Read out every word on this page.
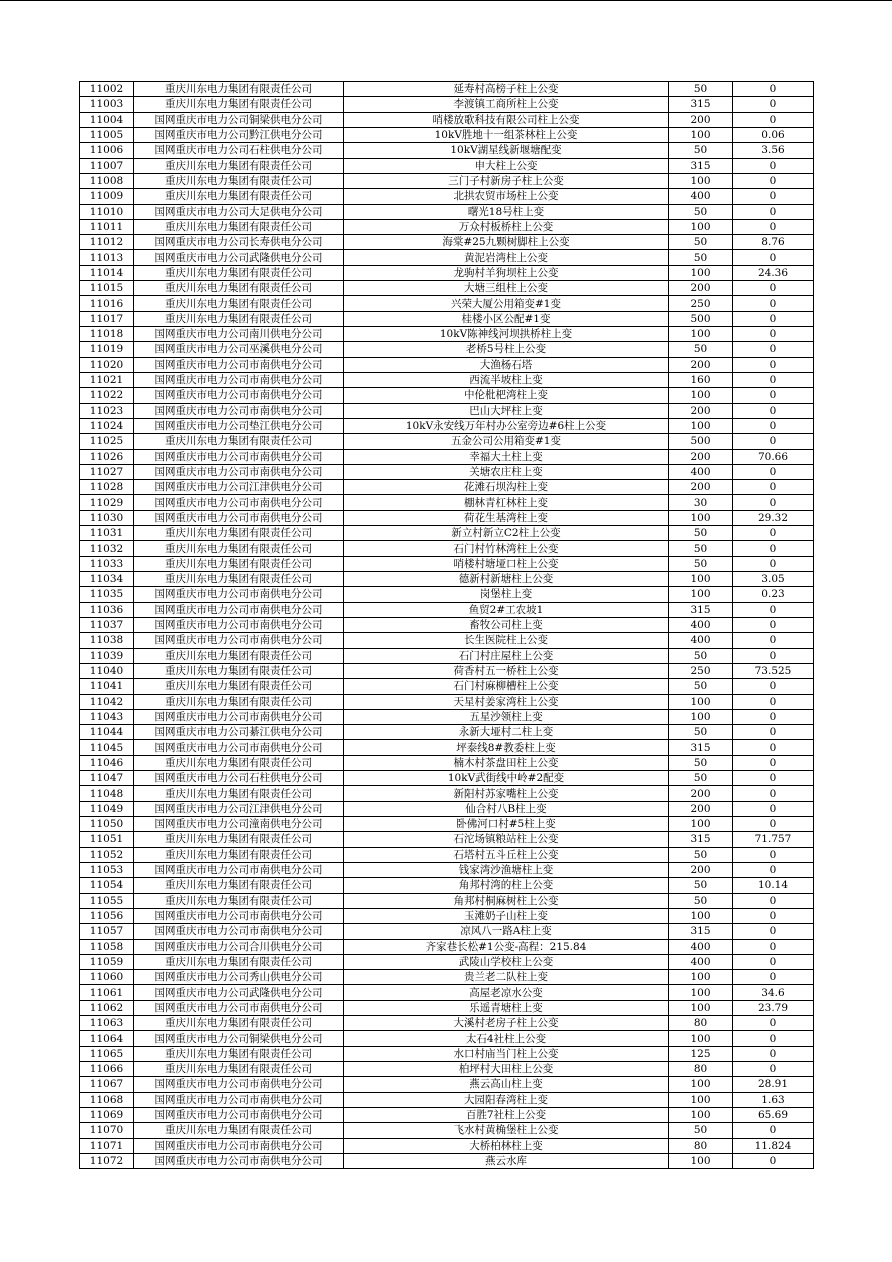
11002	重庆川东电力集团有限责任公司	延寿村高榜子柱上公变	50	0
11003	重庆川东电力集团有限责任公司	李渡镇工商所柱上公变	315	0
11004	国网重庆市电力公司铜梁供电分公司	哨楼放歌科技有限公司柱上公变	200	0
11005	国网重庆市电力公司黔江供电分公司	10kV胜地十一组茶林柱上公变	100	0.06
11006	国网重庆市电力公司石柱供电分公司	10kV湖星线新堰塘配变	50	3.56
11007	重庆川东电力集团有限责任公司	申大柱上公变	315	0
11008	重庆川东电力集团有限责任公司	三门子村新房子柱上公变	100	0
11009	重庆川东电力集团有限责任公司	北拱农贸市场柱上公变	400	0
11010	国网重庆市电力公司大足供电分公司	曙光18号柱上变	50	0
11011	重庆川东电力集团有限责任公司	万众村板桥柱上公变	100	0
11012	国网重庆市电力公司长寿供电分公司	海棠#25九颗树脚柱上公变	50	8.76
11013	国网重庆市电力公司武隆供电分公司	黄泥岩湾柱上公变	50	0
11014	重庆川东电力集团有限责任公司	龙驹村羊狗坝柱上公变	100	24.36
11015	重庆川东电力集团有限责任公司	大塘三组柱上公变	200	0
11016	重庆川东电力集团有限责任公司	兴荣大厦公用箱变#1变	250	0
11017	重庆川东电力集团有限责任公司	桂楼小区公配#1变	500	0
11018	国网重庆市电力公司南川供电分公司	10kV陈神线河坝拱桥柱上变	100	0
11019	国网重庆市电力公司巫溪供电分公司	老桥5号柱上公变	50	0
11020	国网重庆市电力公司市南供电分公司	大渔杨石塔	200	0
11021	国网重庆市电力公司市南供电分公司	西流半坡柱上变	160	0
11022	国网重庆市电力公司市南供电分公司	中伦枇杷湾柱上变	100	0
11023	国网重庆市电力公司市南供电分公司	巴山大坪柱上变	200	0
11024	国网重庆市电力公司垫江供电分公司	10kV永安线万年村办公室旁边#6柱上公变	100	0
11025	重庆川东电力集团有限责任公司	五金公司公用箱变#1变	500	0
11026	国网重庆市电力公司市南供电分公司	幸福大土柱上变	200	70.66
11027	国网重庆市电力公司市南供电分公司	关塘农庄柱上变	400	0
11028	国网重庆市电力公司江津供电分公司	花滩石坝沟柱上变	200	0
11029	国网重庆市电力公司市南供电分公司	棚林青杠林柱上变	30	0
11030	国网重庆市电力公司市南供电分公司	荷花生基湾柱上变	100	29.32
11031	重庆川东电力集团有限责任公司	新立村新立C2柱上公变	50	0
11032	重庆川东电力集团有限责任公司	石门村竹林湾柱上公变	50	0
11033	重庆川东电力集团有限责任公司	哨楼村塘垭口柱上公变	50	0
11034	重庆川东电力集团有限责任公司	德新村新塘柱上公变	100	3.05
11035	国网重庆市电力公司市南供电分公司	岗堡柱上变	100	0.23
11036	国网重庆市电力公司市南供电分公司	鱼贸2#工农坡1	315	0
11037	国网重庆市电力公司市南供电分公司	畜牧公司柱上变	400	0
11038	国网重庆市电力公司市南供电分公司	长生医院柱上公变	400	0
11039	重庆川东电力集团有限责任公司	石门村庄屋柱上公变	50	0
11040	重庆川东电力集团有限责任公司	荷香村五一桥柱上公变	250	73.525
11041	重庆川东电力集团有限责任公司	石门村麻柳槽柱上公变	50	0
11042	重庆川东电力集团有限责任公司	天星村姜家湾柱上公变	100	0
11043	国网重庆市电力公司市南供电分公司	五星沙领柱上变	100	0
11044	国网重庆市电力公司綦江供电分公司	永新大垭村二柱上变	50	0
11045	国网重庆市电力公司市南供电分公司	坪泰线8#教委柱上变	315	0
11046	重庆川东电力集团有限责任公司	楠木村茶盘田柱上公变	50	0
11047	国网重庆市电力公司石柱供电分公司	10kV武街线中岭#2配变	50	0
11048	重庆川东电力集团有限责任公司	新阳村苏家嘴柱上公变	200	0
11049	国网重庆市电力公司江津供电分公司	仙合村八B柱上变	200	0
11050	国网重庆市电力公司潼南供电分公司	卧佛河口村#5柱上变	100	0
11051	重庆川东电力集团有限责任公司	石沱场镇粮站柱上公变	315	71.757
11052	重庆川东电力集团有限责任公司	石塔村五斗丘柱上公变	50	0
11053	国网重庆市电力公司市南供电分公司	钱家湾沙渔塘柱上变	200	0
11054	重庆川东电力集团有限责任公司	角邦村湾的柱上公变	50	10.14
11055	重庆川东电力集团有限责任公司	角邦村桐麻树柱上公变	50	0
11056	国网重庆市电力公司市南供电分公司	玉滩奶子山柱上变	100	0
11057	国网重庆市电力公司市南供电分公司	凉风八一路A柱上变	315	0
11058	国网重庆市电力公司合川供电分公司	齐家巷长松#1公变-高程：215.84	400	0
11059	重庆川东电力集团有限责任公司	武陵山学校柱上公变	400	0
11060	国网重庆市电力公司秀山供电分公司	贵兰老二队柱上变	100	0
11061	国网重庆市电力公司武隆供电分公司	高屋老凉水公变	100	34.6
11062	国网重庆市电力公司市南供电分公司	乐遥青塘柱上变	100	23.79
11063	重庆川东电力集团有限责任公司	大溪村老房子柱上公变	80	0
11064	国网重庆市电力公司铜梁供电分公司	太石4社柱上公变	100	0
11065	重庆川东电力集团有限责任公司	水口村庙当门柱上公变	125	0
11066	重庆川东电力集团有限责任公司	柏坪村大田柱上公变	80	0
11067	国网重庆市电力公司市南供电分公司	燕云高山柱上变	100	28.91
11068	国网重庆市电力公司市南供电分公司	大园阳春湾柱上变	100	1.63
11069	国网重庆市电力公司市南供电分公司	百胜7社柱上公变	100	65.69
11070	重庆川东电力集团有限责任公司	飞水村黄桷堡柱上公变	50	0
11071	国网重庆市电力公司市南供电分公司	大桥柏林柱上变	80	11.824
11072	国网重庆市电力公司市南供电分公司	燕云水库	100	0
